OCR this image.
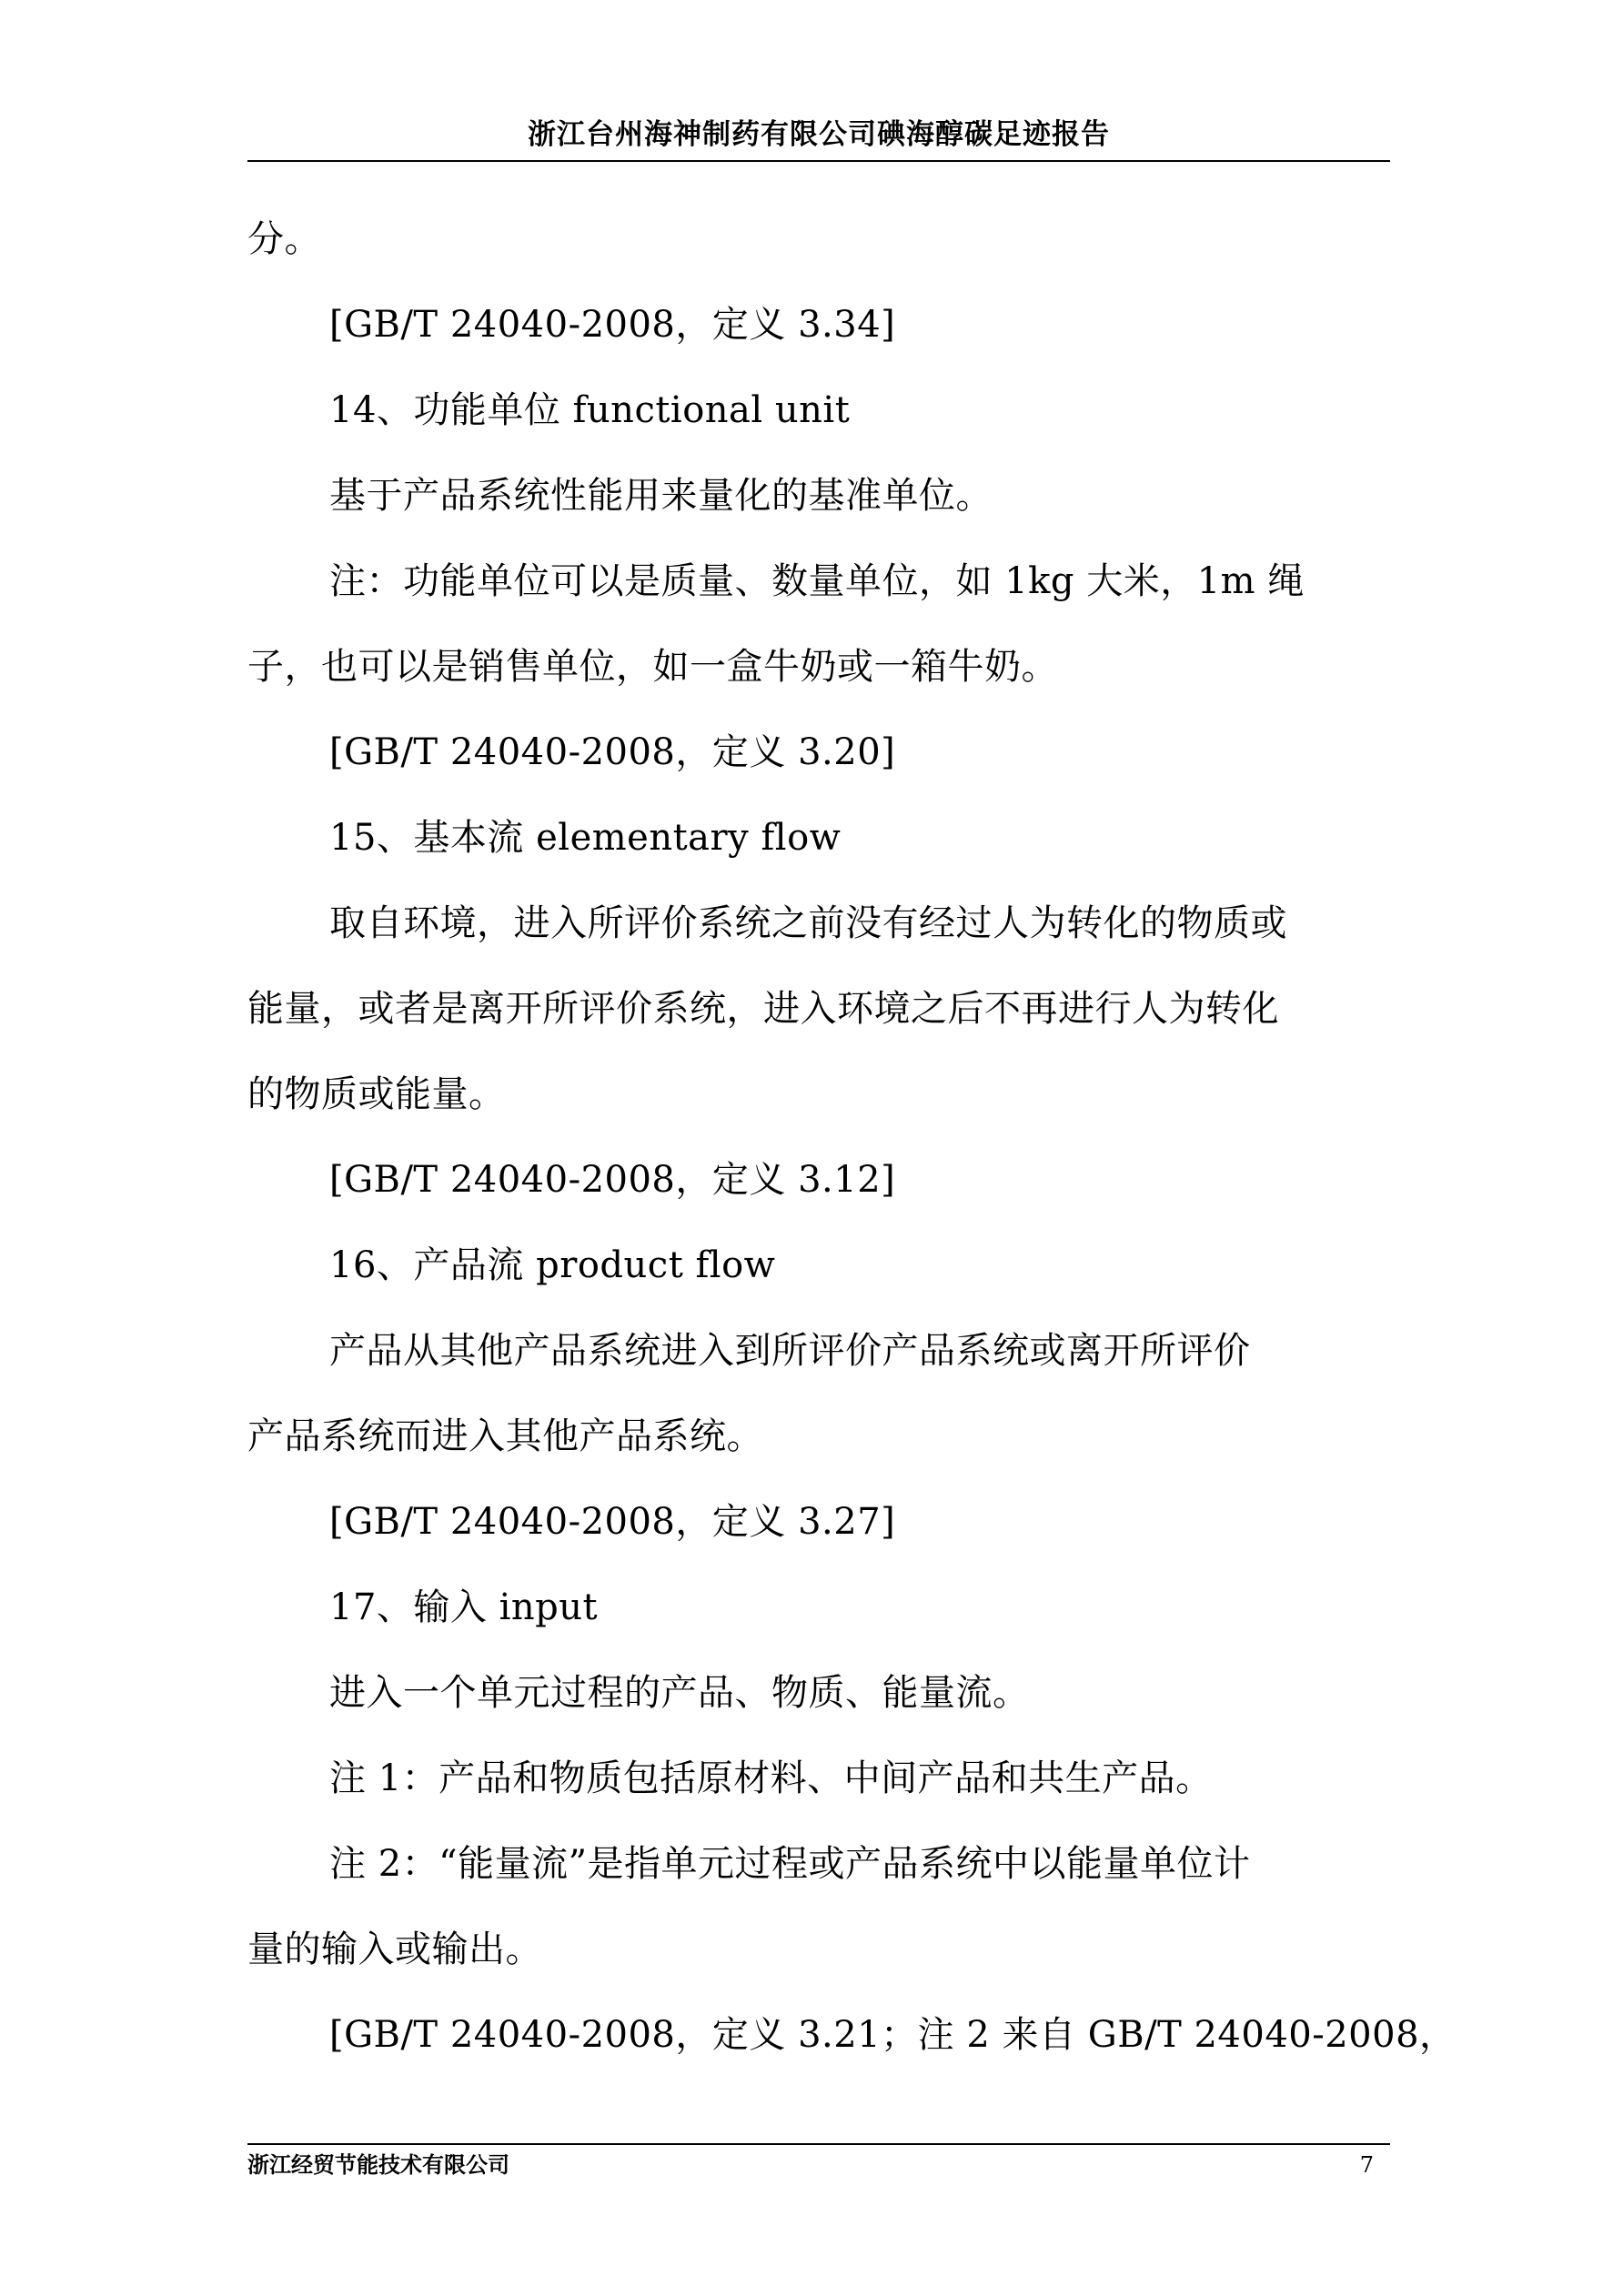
浙江台州海神制药有限公司碘海醇碳足迹报告
分。
[GB/T 24040-2008，定义 3.34]
14、功能单位 functional unit
基于产品系统性能用来量化的基准单位。
注：功能单位可以是质量、数量单位，如 1kg 大米，1m 绳
子，也可以是销售单位，如一盒牛奶或一箱牛奶。
[GB/T 24040-2008，定义 3.20]
15、基本流 elementary flow
取自环境，进入所评价系统之前没有经过人为转化的物质或
能量，或者是离开所评价系统，进入环境之后不再进行人为转化
的物质或能量。
[GB/T 24040-2008，定义 3.12]
16、产品流 product flow
产品从其他产品系统进入到所评价产品系统或离开所评价
产品系统而进入其他产品系统。
[GB/T 24040-2008，定义 3.27]
17、输入 input
进入一个单元过程的产品、物质、能量流。
注 1：产品和物质包括原材料、中间产品和共生产品。
注 2：“能量流”是指单元过程或产品系统中以能量单位计
量的输入或输出。
[GB/T 24040-2008，定义 3.21；注 2 来自 GB/T 24040-2008，
浙江经贸节能技术有限公司	7
